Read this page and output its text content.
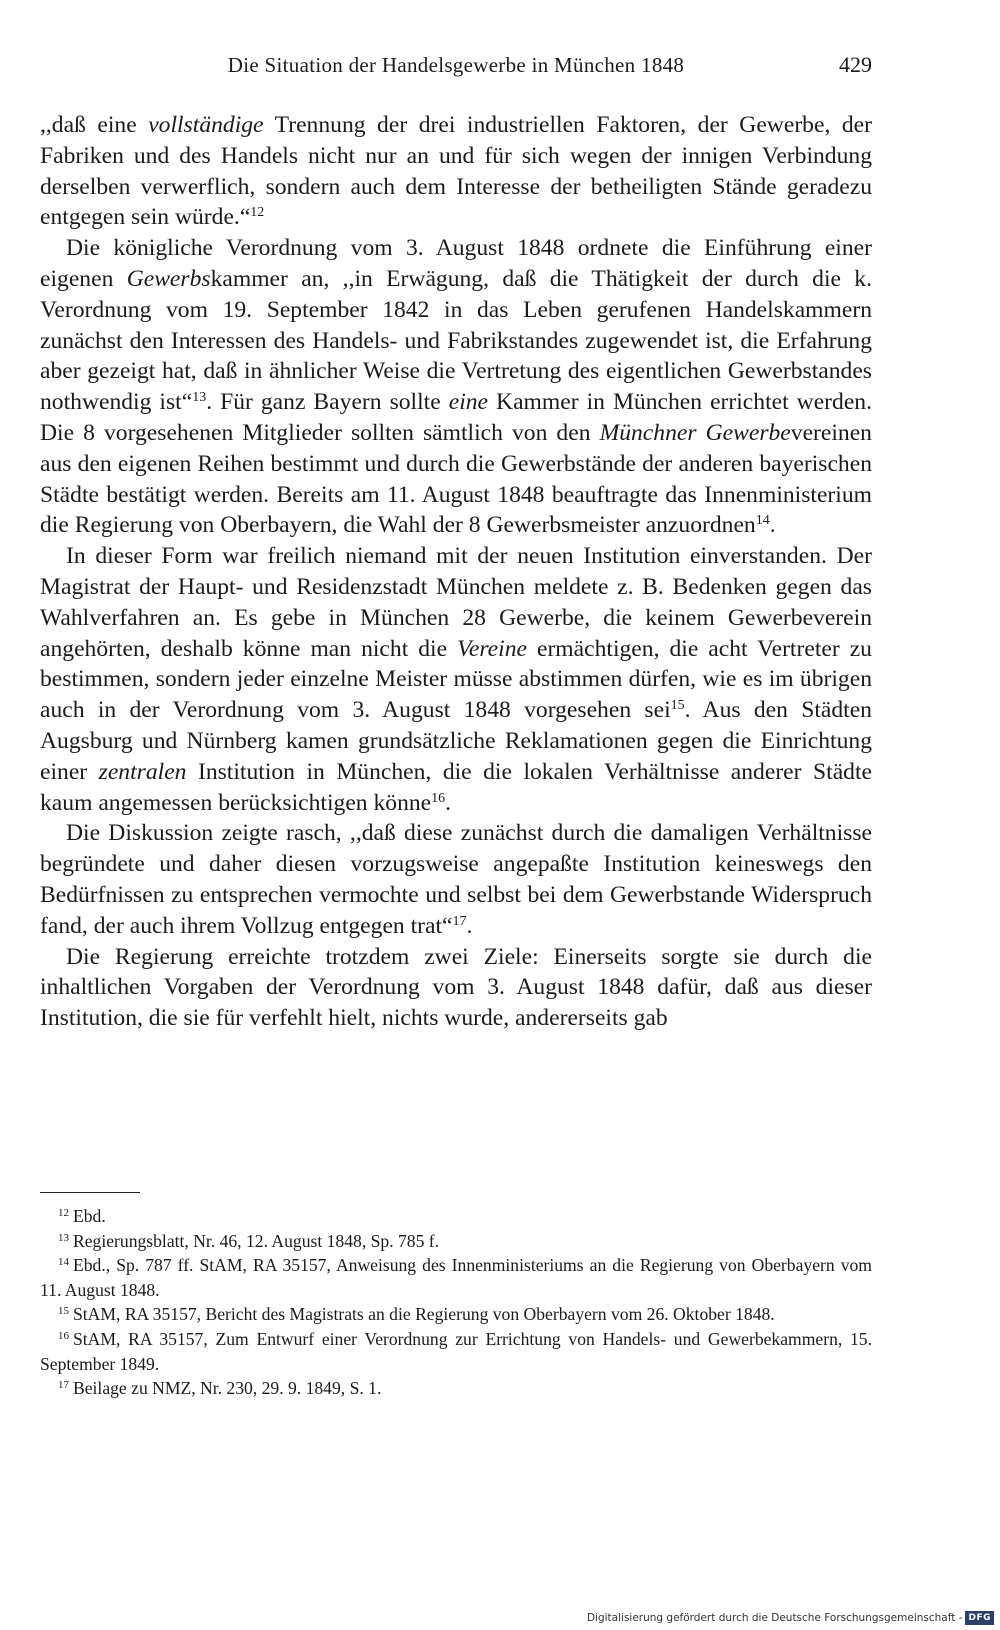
Die Situation der Handelsgewerbe in München 1848	429

,,daß eine vollständige Trennung der drei industriellen Faktoren, der Gewerbe, der Fabriken und des Handels nicht nur an und für sich wegen der innigen Verbindung derselben verwerflich, sondern auch dem Interesse der betheiligten Stände geradezu entgegen sein würde.“$^{12}$

Die königliche Verordnung vom 3. August 1848 ordnete die Einführung einer eigenen Gewerbskammer an, ,,in Erwägung, daß die Thätigkeit der durch die k. Verordnung vom 19. September 1842 in das Leben gerufenen Handelskammern zunächst den Interessen des Handels- und Fabrikstandes zugewendet ist, die Erfahrung aber gezeigt hat, daß in ähnlicher Weise die Vertretung des eigentlichen Gewerbstandes nothwendig ist“$^{13}$. Für ganz Bayern sollte eine Kammer in München errichtet werden. Die 8 vorgesehenen Mitglieder sollten sämtlich von den Münchner Gewerbevereinen aus den eigenen Reihen bestimmt und durch die Gewerbstände der anderen bayerischen Städte bestätigt werden. Bereits am 11. August 1848 beauftragte das Innenministerium die Regierung von Oberbayern, die Wahl der 8 Gewerbsmeister anzuordnen$^{14}$.

In dieser Form war freilich niemand mit der neuen Institution einverstanden. Der Magistrat der Haupt- und Residenzstadt München meldete z. B. Bedenken gegen das Wahlverfahren an. Es gebe in München 28 Gewerbe, die keinem Gewerbeverein angehörten, deshalb könne man nicht die Vereine ermächtigen, die acht Vertreter zu bestimmen, sondern jeder einzelne Meister müsse abstimmen dürfen, wie es im übrigen auch in der Verordnung vom 3. August 1848 vorgesehen sei$^{15}$. Aus den Städten Augsburg und Nürnberg kamen grundsätzliche Reklamationen gegen die Einrichtung einer zentralen Institution in München, die die lokalen Verhältnisse anderer Städte kaum angemessen berücksichtigen könne$^{16}$.

Die Diskussion zeigte rasch, ,,daß diese zunächst durch die damaligen Verhältnisse begründete und daher diesen vorzugsweise angepaßte Institution keineswegs den Bedürfnissen zu entsprechen vermochte und selbst bei dem Gewerbstande Widerspruch fand, der auch ihrem Vollzug entgegen trat“$^{17}$.

Die Regierung erreichte trotzdem zwei Ziele: Einerseits sorgte sie durch die inhaltlichen Vorgaben der Verordnung vom 3. August 1848 dafür, daß aus dieser Institution, die sie für verfehlt hielt, nichts wurde, andererseits gab

$^{12}$ Ebd.

$^{13}$ Regierungsblatt, Nr. 46, 12. August 1848, Sp. 785 f.

$^{14}$ Ebd., Sp. 787 ff. StAM, RA 35157, Anweisung des Innenministeriums an die Regierung von Oberbayern vom 11. August 1848.

$^{15}$ StAM, RA 35157, Bericht des Magistrats an die Regierung von Oberbayern vom 26. Oktober 1848.

$^{16}$ StAM, RA 35157, Zum Entwurf einer Verordnung zur Errichtung von Handels- und Gewerbekammern, 15. September 1849.

$^{17}$ Beilage zu NMZ, Nr. 230, 29. 9. 1849, S. 1.

Digitalisierung gefördert durch die Deutsche Forschungsgemeinschaft - DFG
